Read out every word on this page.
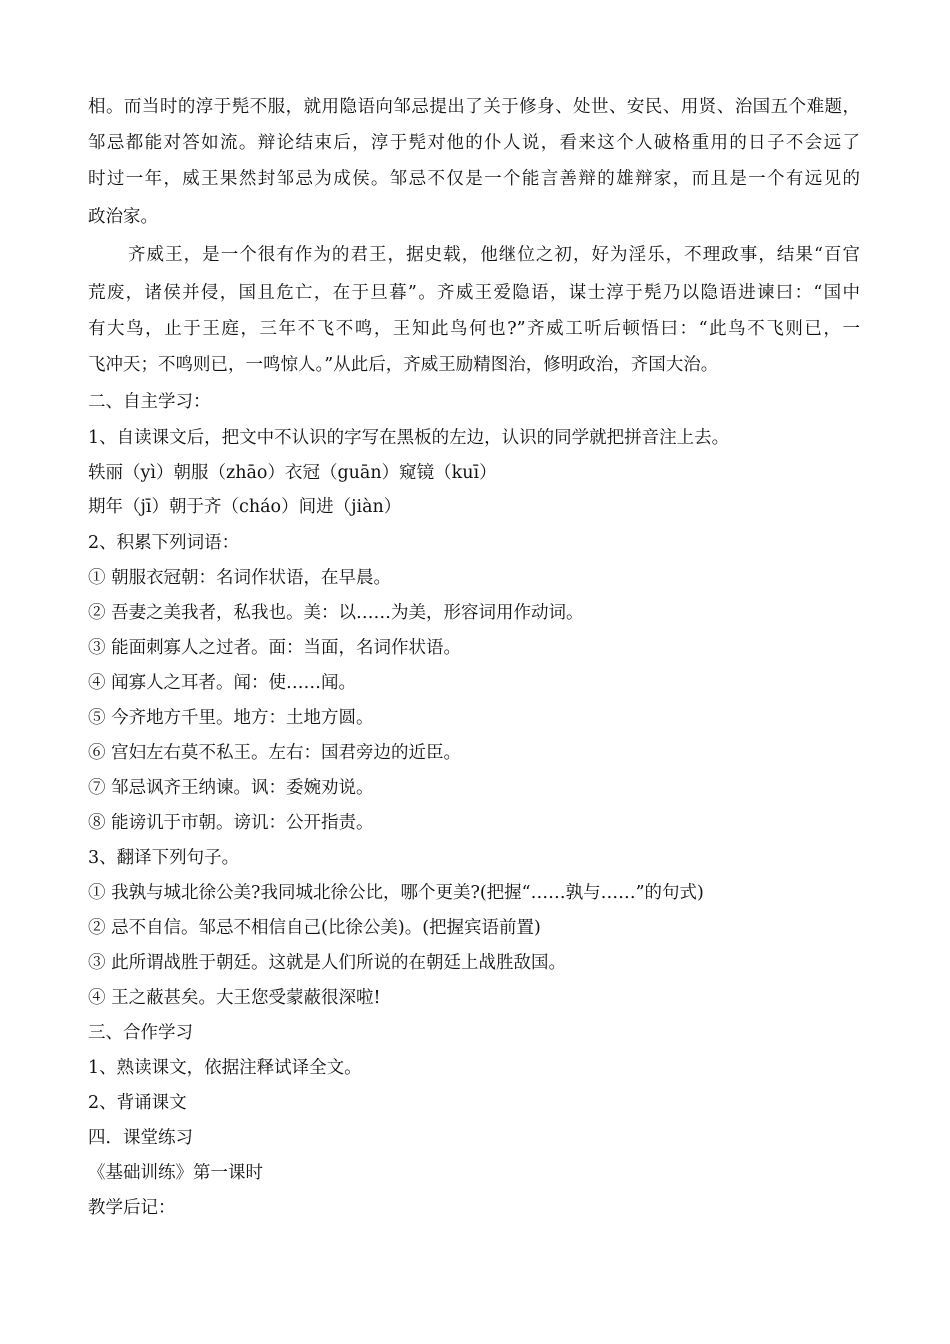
相。而当时的淳于髡不服，就用隐语向邹忌提出了关于修身、处世、安民、用贤、治国五个难题，
邹忌都能对答如流。辩论结束后，淳于髡对他的仆人说，看来这个人破格重用的日子不会远了
时过一年，威王果然封邹忌为成侯。邹忌不仅是一个能言善辩的雄辩家，而且是一个有远见的
政治家。
齐威王，是一个很有作为的君王，据史载，他继位之初，好为淫乐，不理政事，结果“百官
荒废，诸侯并侵，国且危亡，在于旦暮”。齐威王爱隐语，谋士淳于髡乃以隐语进谏曰：“国中
有大鸟，止于王庭，三年不飞不鸣，王知此鸟何也?”齐威工听后顿悟曰：“此鸟不飞则已，一
飞冲天；不鸣则已，一鸣惊人。”从此后，齐威王励精图治，修明政治，齐国大治。
二、自主学习：
1、自读课文后，把文中不认识的字写在黑板的左边，认识的同学就把拼音注上去。
轶丽（yì）朝服（zhāo）衣冠（guān）窥镜（kuī）
期年（jī）朝于齐（cháo）间进（jiàn）
2、积累下列词语：
① 朝服衣冠朝：名词作状语，在早晨。
② 吾妻之美我者，私我也。美：以……为美，形容词用作动词。
③ 能面刺寡人之过者。面：当面，名词作状语。
④ 闻寡人之耳者。闻：使……闻。
⑤ 今齐地方千里。地方：土地方圆。
⑥ 宫妇左右莫不私王。左右：国君旁边的近臣。
⑦ 邹忌讽齐王纳谏。讽：委婉劝说。
⑧ 能谤讥于市朝。谤讥：公开指责。
3、翻译下列句子。
① 我孰与城北徐公美?我同城北徐公比，哪个更美?(把握“……孰与……”的句式)
② 忌不自信。邹忌不相信自己(比徐公美)。(把握宾语前置)
③ 此所谓战胜于朝廷。这就是人们所说的在朝廷上战胜敌国。
④ 王之蔽甚矣。大王您受蒙蔽很深啦!
三、合作学习
1、熟读课文，依据注释试译全文。
2、背诵课文
四．课堂练习
《基础训练》第一课时
教学后记：
